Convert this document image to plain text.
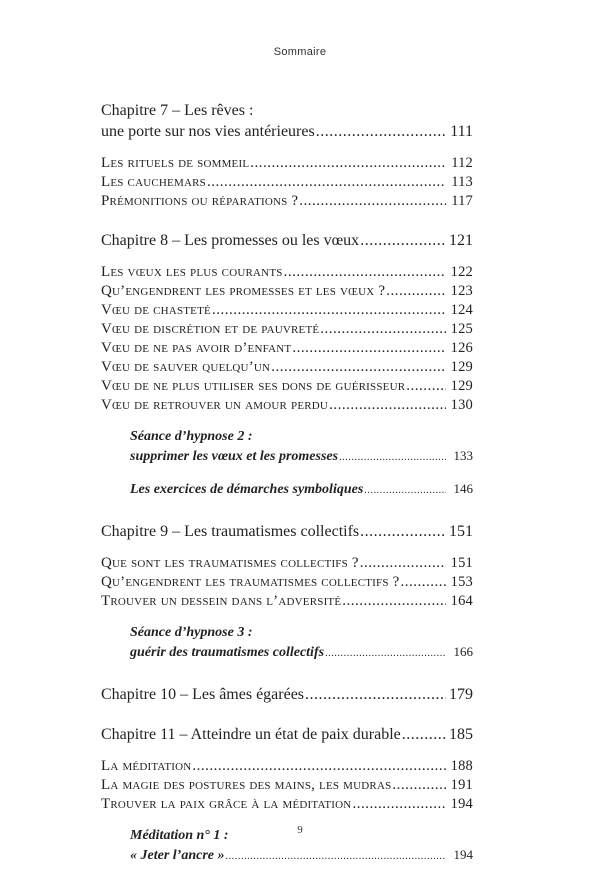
Sommaire
Chapitre 7 – Les rêves :
une porte sur nos vies antérieures .....	111
Les rituels de sommeil .....	112
Les cauchemars .....	113
Prémonitions ou réparations ? .....	117
Chapitre 8 – Les promesses ou les vœux .....	121
Les vœux les plus courants .....	122
Qu’engendrent les promesses et les vœux ? .....	123
Vœu de chasteté .....	124
Vœu de discrétion et de pauvreté .....	125
Vœu de ne pas avoir d’enfant .....	126
Vœu de sauver quelqu’un .....	129
Vœu de ne plus utiliser ses dons de guérisseur .....	129
Vœu de retrouver un amour perdu .....	130
Séance d’hypnose 2 :
supprimer les vœux et les promesses .....	133
Les exercices de démarches symboliques .....	146
Chapitre 9 – Les traumatismes collectifs .....	151
Que sont les traumatismes collectifs ? .....	151
Qu’engendrent les traumatismes collectifs ? .....	153
Trouver un dessein dans l’adversité .....	164
Séance d’hypnose 3 :
guérir des traumatismes collectifs .....	166
Chapitre 10 – Les âmes égarées .....	179
Chapitre 11 – Atteindre un état de paix durable .....	185
La méditation .....	188
La magie des postures des mains, les mudras .....	191
Trouver la paix grâce à la méditation .....	194
Méditation n° 1 :
« Jeter l’ancre » .....	194
9
